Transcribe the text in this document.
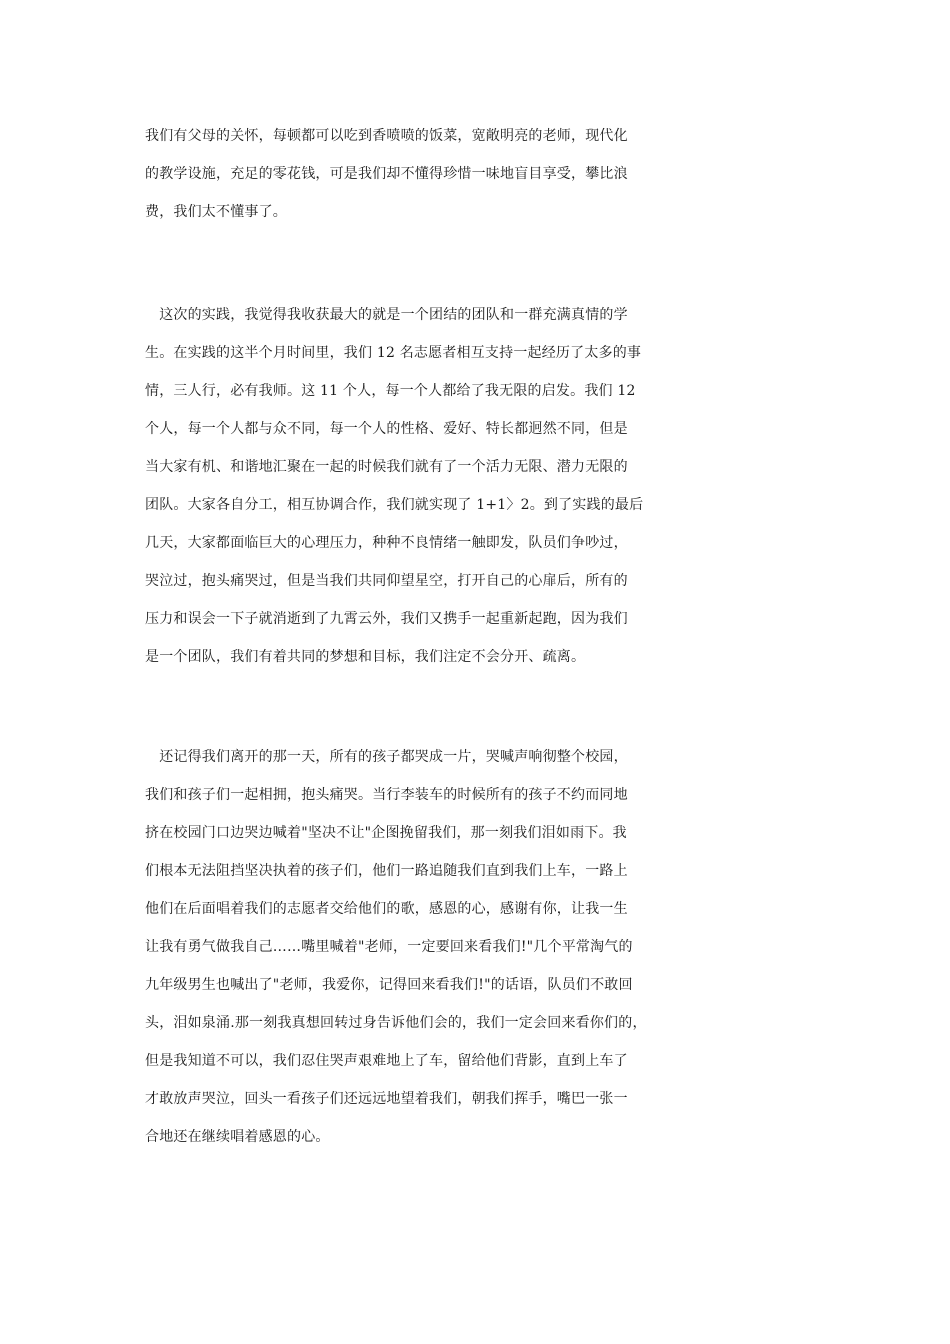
我们有父母的关怀，每顿都可以吃到香喷喷的饭菜，宽敞明亮的老师，现代化
的教学设施，充足的零花钱，可是我们却不懂得珍惜一味地盲目享受，攀比浪
费，我们太不懂事了。
　这次的实践，我觉得我收获最大的就是一个团结的团队和一群充满真情的学
生。在实践的这半个月时间里，我们 12 名志愿者相互支持一起经历了太多的事
情，三人行，必有我师。这 11 个人，每一个人都给了我无限的启发。我们 12
个人，每一个人都与众不同，每一个人的性格、爱好、特长都迥然不同，但是
当大家有机、和谐地汇聚在一起的时候我们就有了一个活力无限、潜力无限的
团队。大家各自分工，相互协调合作，我们就实现了 1+1〉2。到了实践的最后
几天，大家都面临巨大的心理压力，种种不良情绪一触即发，队员们争吵过，
哭泣过，抱头痛哭过，但是当我们共同仰望星空，打开自己的心扉后，所有的
压力和误会一下子就消逝到了九霄云外，我们又携手一起重新起跑，因为我们
是一个团队，我们有着共同的梦想和目标，我们注定不会分开、疏离。
　还记得我们离开的那一天，所有的孩子都哭成一片，哭喊声响彻整个校园，
我们和孩子们一起相拥，抱头痛哭。当行李装车的时候所有的孩子不约而同地
挤在校园门口边哭边喊着"坚决不让"企图挽留我们，那一刻我们泪如雨下。我
们根本无法阻挡坚决执着的孩子们，他们一路追随我们直到我们上车，一路上
他们在后面唱着我们的志愿者交给他们的歌，感恩的心，感谢有你，让我一生
让我有勇气做我自己……嘴里喊着"老师，一定要回来看我们!"几个平常淘气的
九年级男生也喊出了"老师，我爱你，记得回来看我们!"的话语，队员们不敢回
头，泪如泉涌.那一刻我真想回转过身告诉他们会的，我们一定会回来看你们的，
但是我知道不可以，我们忍住哭声艰难地上了车，留给他们背影，直到上车了
才敢放声哭泣，回头一看孩子们还远远地望着我们，朝我们挥手，嘴巴一张一
合地还在继续唱着感恩的心。
